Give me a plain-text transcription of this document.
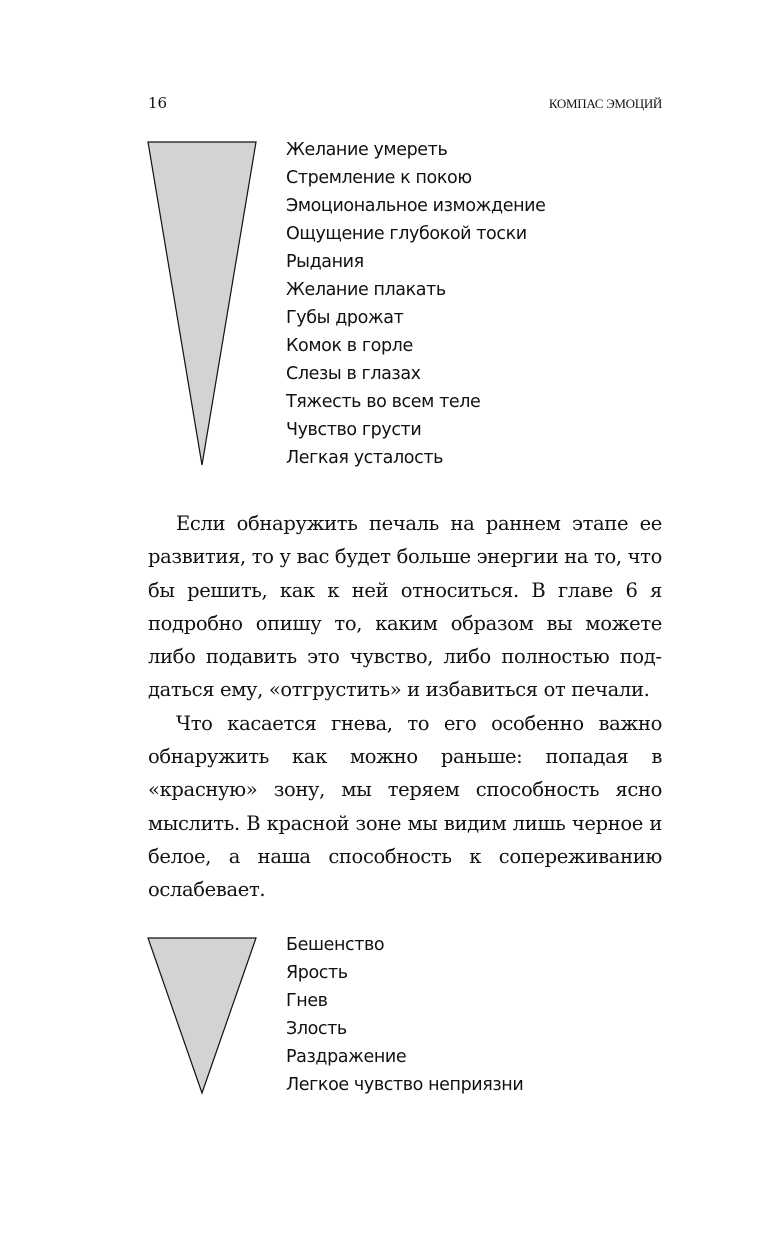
16	КОМПАС ЭМОЦИЙ
Желание умереть
Стремление к покою
Эмоциональное измождение
Ощущение глубокой тоски
Рыдания
Желание плакать
Губы дрожат
Комок в горле
Слезы в глазах
Тяжесть во всем теле
Чувство грусти
Легкая усталость

Если обнаружить печаль на раннем этапе ее развития, то у вас будет больше энергии на то, что бы решить, как к ней относиться. В главе 6 я подробно опишу то, каким образом вы можете либо подавить это чувство, либо полностью поддаться ему, «отгрустить» и избавиться от печали.

Что касается гнева, то его особенно важно обнаружить как можно раньше: попадая в «красную» зону, мы теряем способность ясно мыслить. В красной зоне мы видим лишь черное и белое, а наша способность к сопереживанию ослабевает.

Бешенство
Ярость
Гнев
Злость
Раздражение
Легкое чувство неприязни
